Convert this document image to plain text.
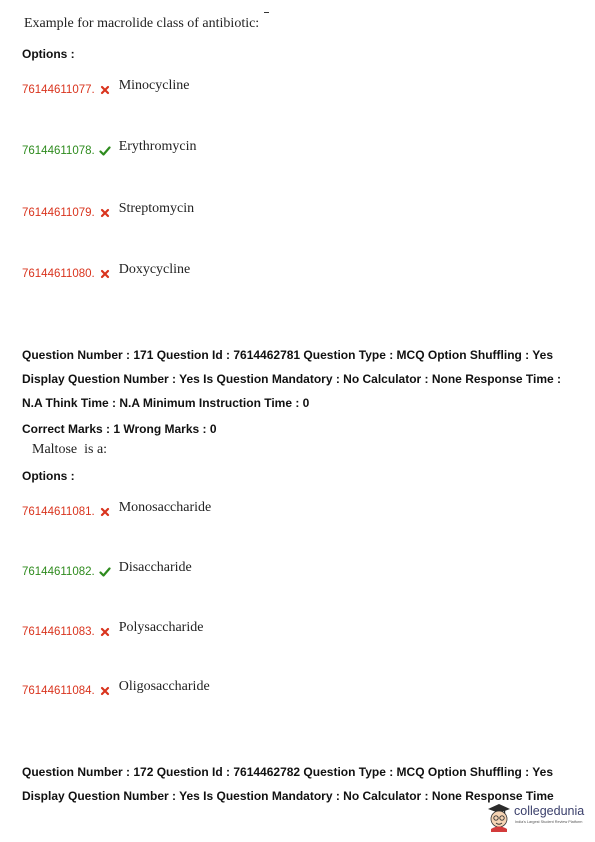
Example for macrolide class of antibiotic:
Options :
76144611077. Minocycline
76144611078. Erythromycin
76144611079. Streptomycin
76144611080. Doxycycline
Question Number : 171 Question Id : 7614462781 Question Type : MCQ Option Shuffling : Yes Display Question Number : Yes Is Question Mandatory : No Calculator : None Response Time : N.A Think Time : N.A Minimum Instruction Time : 0
Correct Marks : 1 Wrong Marks : 0
Maltose  is a:
Options :
76144611081. Monosaccharide
76144611082. Disaccharide
76144611083. Polysaccharide
76144611084. Oligosaccharide
Question Number : 172 Question Id : 7614462782 Question Type : MCQ Option Shuffling : Yes Display Question Number : Yes Is Question Mandatory : No Calculator : None Response Time
collegedunia
India's Largest Student Review Platform
